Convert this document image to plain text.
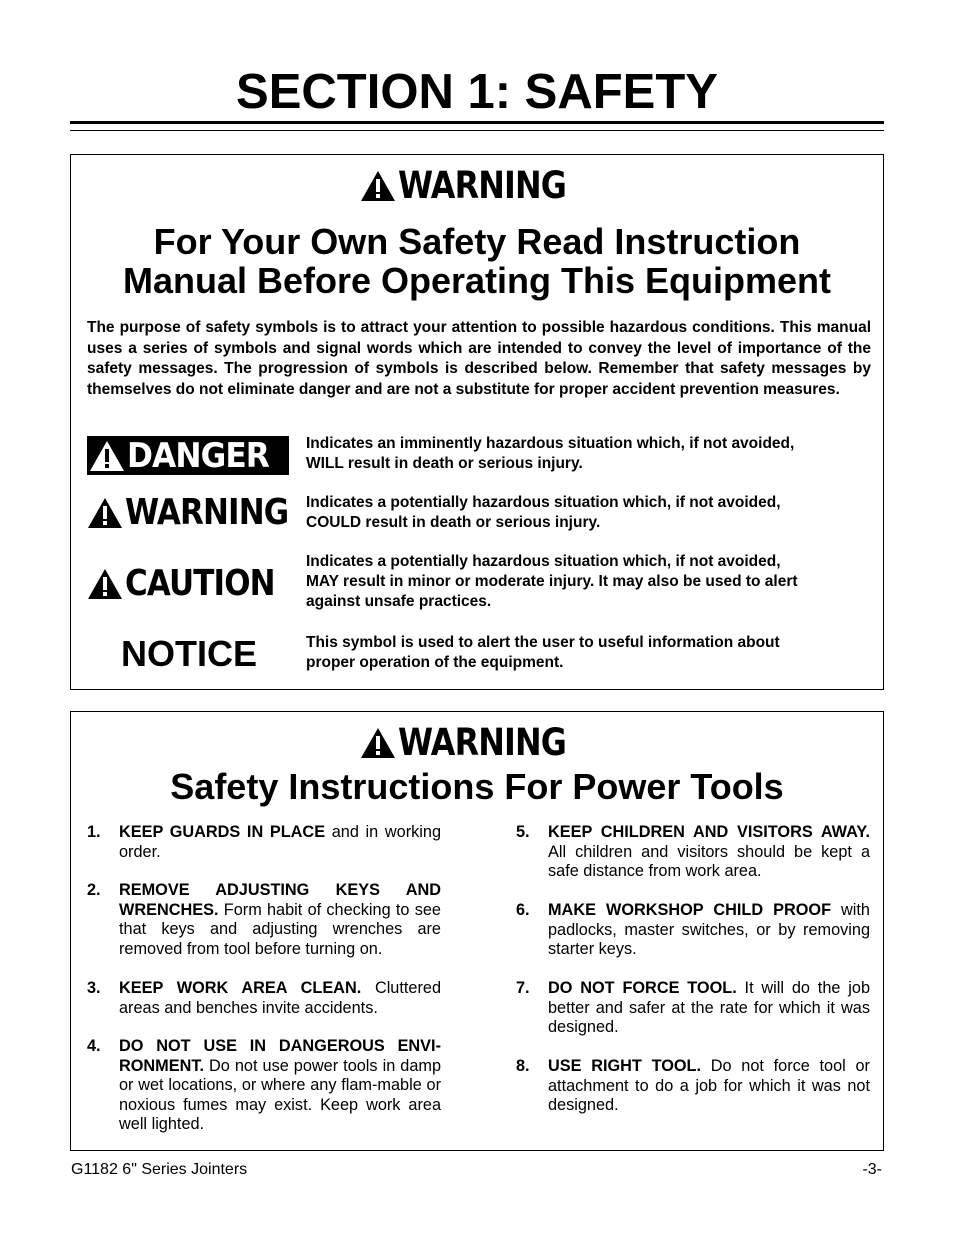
SECTION 1: SAFETY
WARNING
For Your Own Safety Read Instruction
Manual Before Operating This Equipment
The purpose of safety symbols is to attract your attention to possible hazardous conditions. This manual uses a series of symbols and signal words which are intended to convey the level of importance of the safety messages. The progression of symbols is described below. Remember that safety messages by themselves do not eliminate danger and are not a substitute for proper accident prevention measures.
DANGER Indicates an imminently hazardous situation which, if not avoided,
WILL result in death or serious injury.
WARNING Indicates a potentially hazardous situation which, if not avoided,
COULD result in death or serious injury.
CAUTION
Indicates a potentially hazardous situation which, if not avoided,
MAY result in minor or moderate injury. It may also be used to alert
against unsafe practices.
NOTICE	This symbol is used to alert the user to useful information about
proper operation of the equipment.
WARNING
Safety Instructions For Power Tools
1. KEEP GUARDS IN PLACE and in working order.
2. REMOVE ADJUSTING KEYS AND WRENCHES. Form habit of checking to see that keys and adjusting wrenches are removed from tool before turning on.
3. KEEP WORK AREA CLEAN. Cluttered areas and benches invite accidents.
4. DO NOT USE IN DANGEROUS ENVI-RONMENT. Do not use power tools in damp or wet locations, or where any flam-mable or noxious fumes may exist. Keep work area well lighted.
5. KEEP CHILDREN AND VISITORS AWAY. All children and visitors should be kept a safe distance from work area.
6. MAKE WORKSHOP CHILD PROOF with padlocks, master switches, or by removing starter keys.
7. DO NOT FORCE TOOL. It will do the job better and safer at the rate for which it was designed.
8. USE RIGHT TOOL. Do not force tool or attachment to do a job for which it was not designed.
G1182 6" Series Jointers	-3-
